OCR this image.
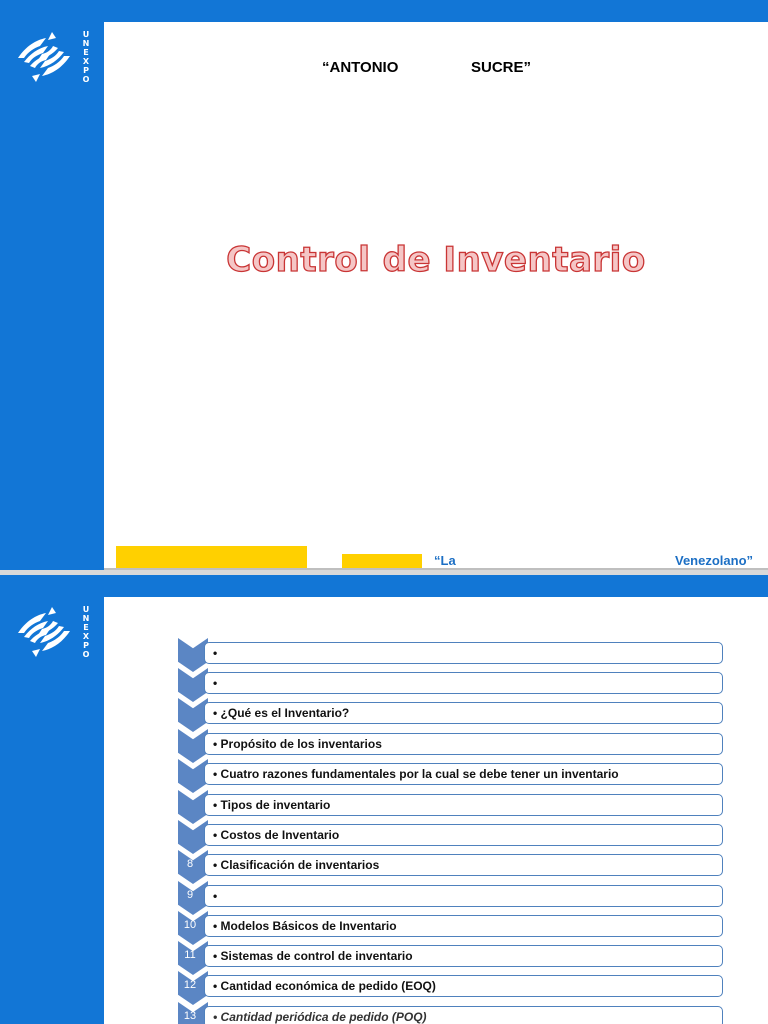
U
N
E
X
P
O
“ANTONIO	SUCRE”
Control de Inventario
“La	Venezolano”
U
N
E
X
P
O	•
•
• ¿Qué es el Inventario?
• Propósito de los inventarios
• Cuatro razones fundamentales por la cual se debe tener un inventario
• Tipos de inventario
• Costos de Inventario
8	• Clasificación de inventarios
9	•
10	• Modelos Básicos de Inventario
11	• Sistemas de control de inventario
12	• Cantidad económica de pedido (EOQ)
13	• Cantidad periódica de pedido (POQ)
